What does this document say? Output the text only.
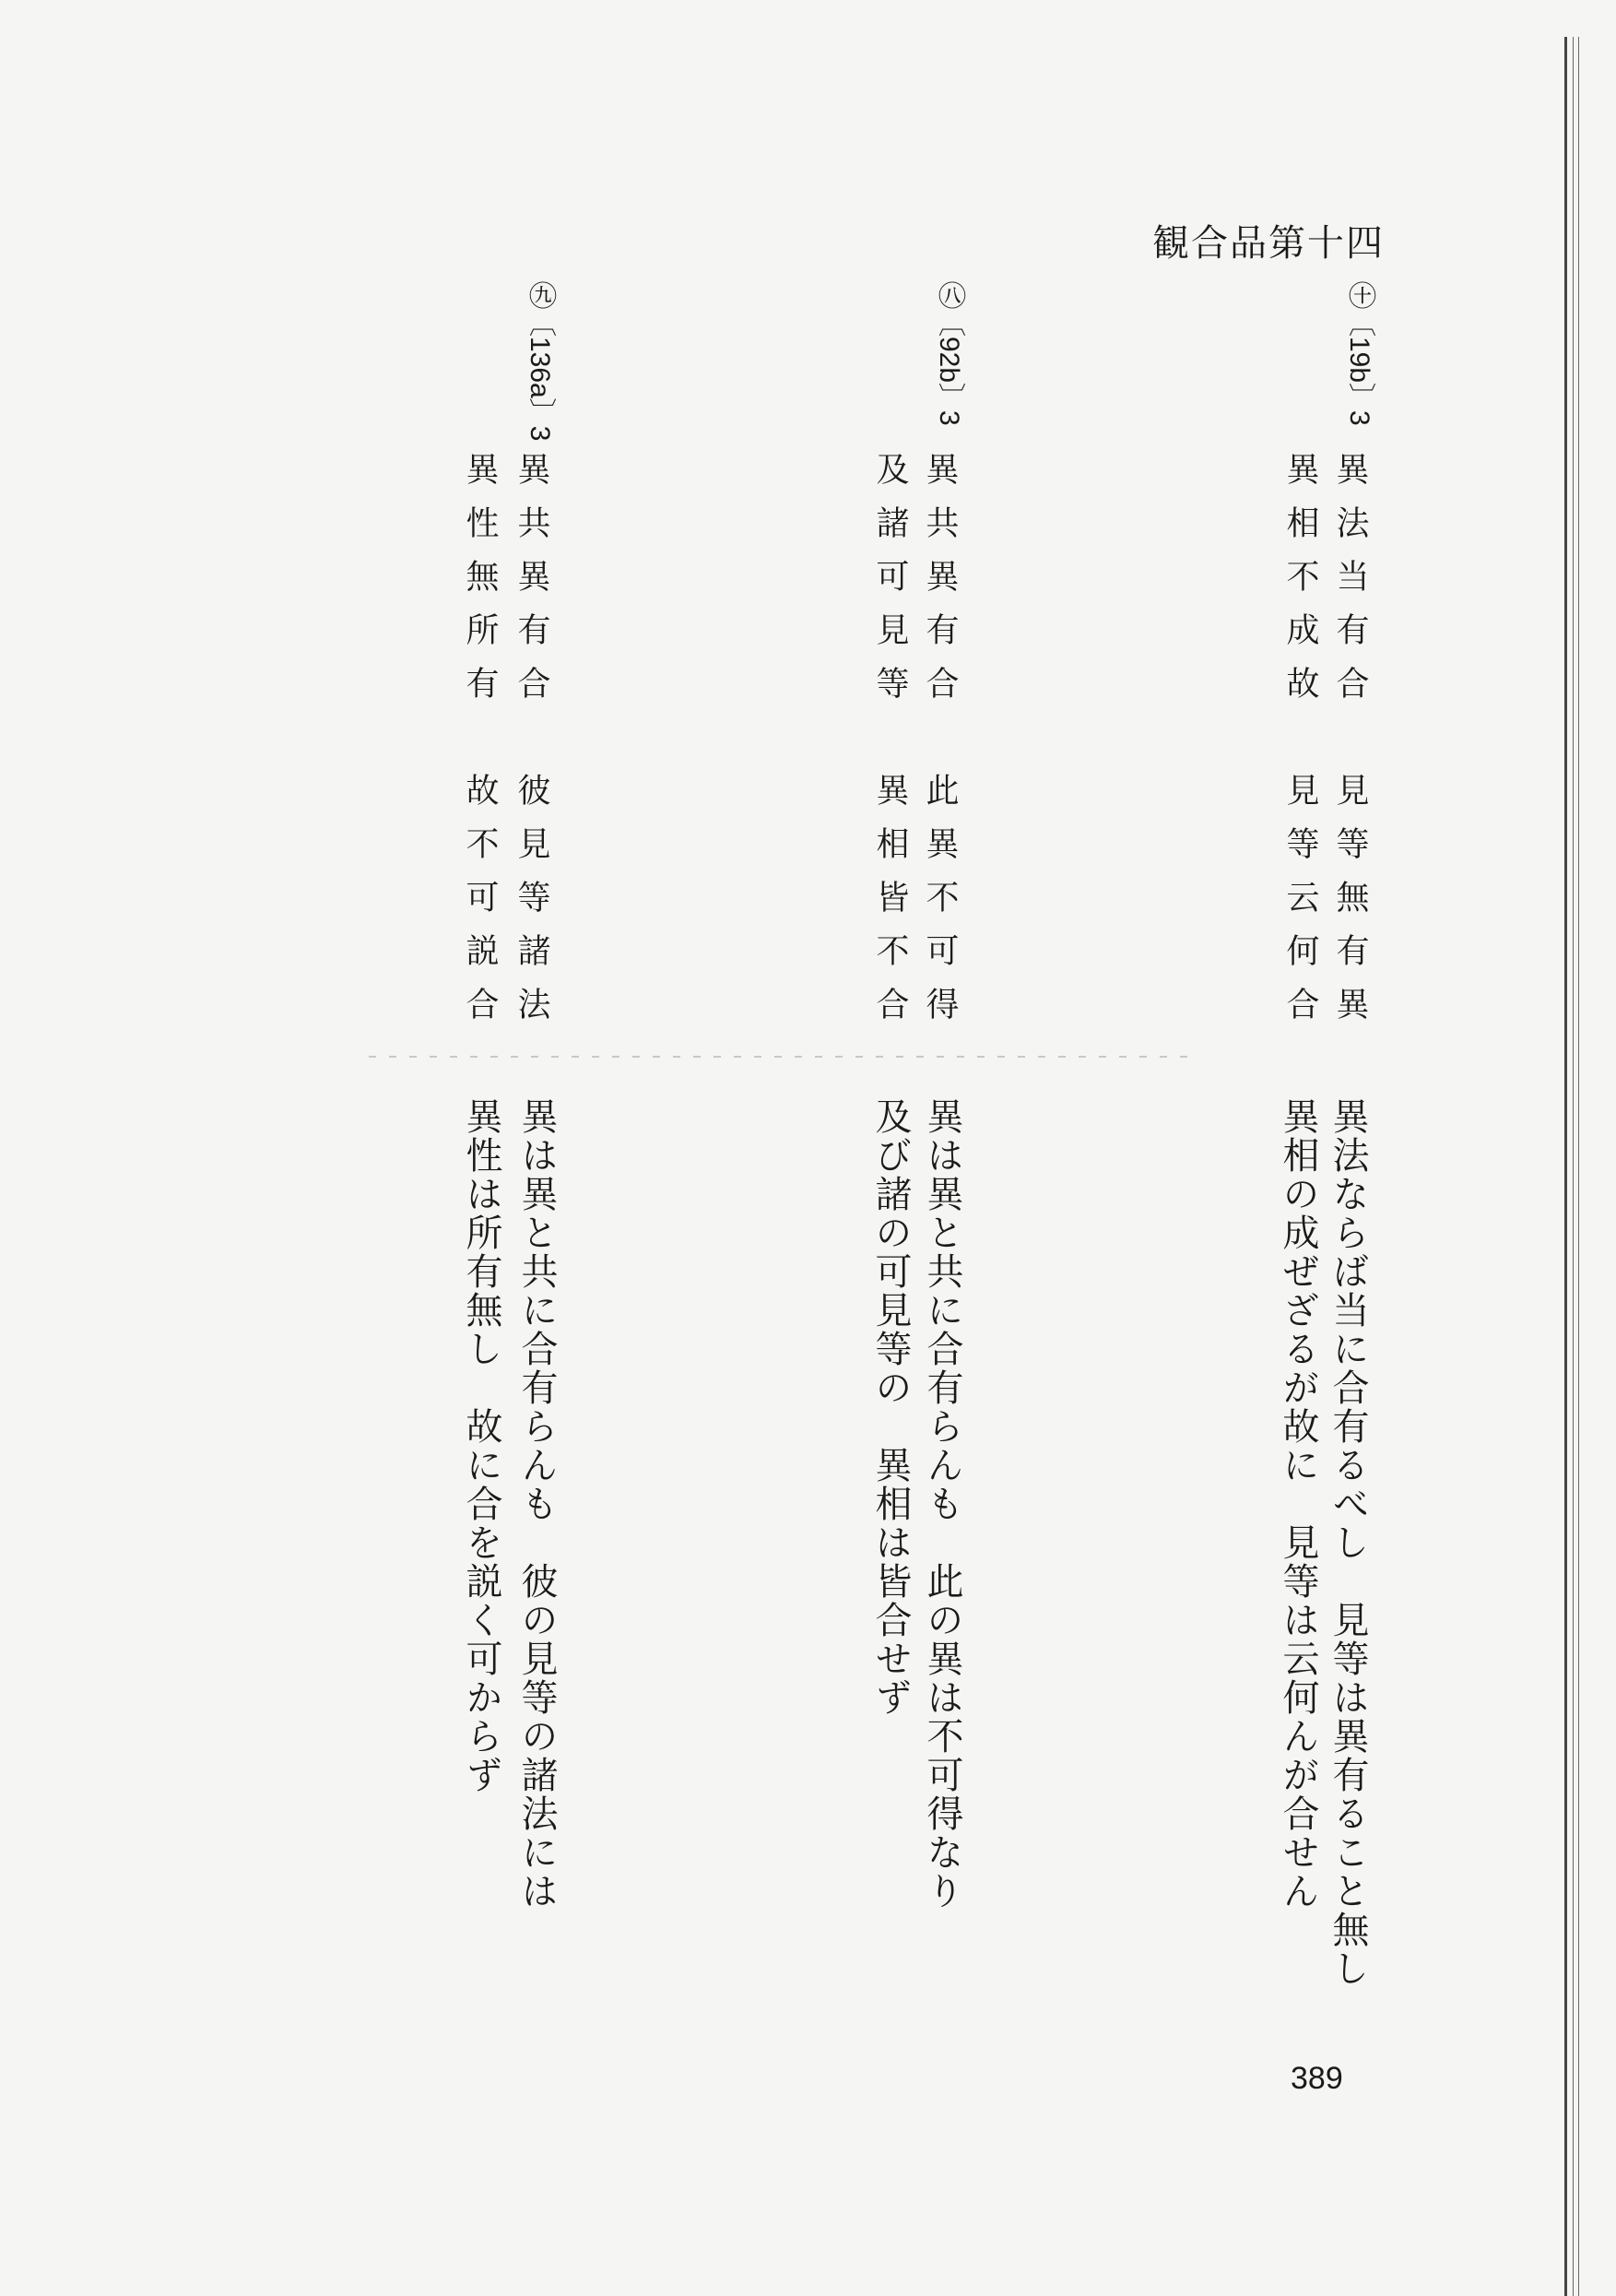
観合品第十四

㊉〔19b〕3

異法当有合　見等無有異

異相不成故　見等云何合

異法ならば当に合有るべし　見等は異有ること無し

異相の成ぜざるが故に　見等は云何んが合せん

㊇〔92b〕3

異共異有合　此異不可得

及諸可見等　異相皆不合

異は異と共に合有らんも　此の異は不可得なり

及び諸の可見等の　異相は皆合せず

㊈〔136a〕3

異共異有合　彼見等諸法

異性無所有　故不可説合

異は異と共に合有らんも　彼の見等の諸法には

異性は所有無し　故に合を説く可からず

389
